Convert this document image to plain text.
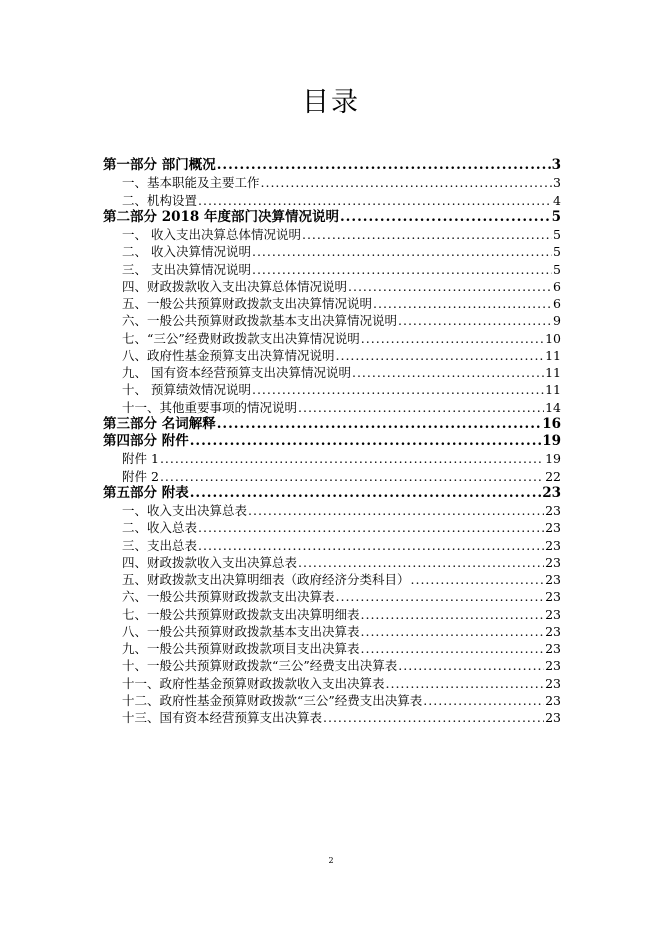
目录
第一部分 部门概况 .....	3
一、基本职能及主要工作 .....	3
二、机构设置 .....	4
第二部分 2018 年度部门决算情况说明 .....	5
一、 收入支出决算总体情况说明 .....	5
二、 收入决算情况说明 .....	5
三、 支出决算情况说明 .....	5
四、财政拨款收入支出决算总体情况说明 .....	6
五、一般公共预算财政拨款支出决算情况说明 .....	6
六、一般公共预算财政拨款基本支出决算情况说明 .....	9
七、“三公”经费财政拨款支出决算情况说明 .....	10
八、政府性基金预算支出决算情况说明 .....	11
九、 国有资本经营预算支出决算情况说明 .....	11
十、 预算绩效情况说明 .....	11
十一、其他重要事项的情况说明 .....	14
第三部分 名词解释 .....	16
第四部分 附件 .....	19
附件 1 .....	19
附件 2 .....	22
第五部分 附表 .....	23
一、收入支出决算总表 .....	23
二、收入总表 .....	23
三、支出总表 .....	23
四、财政拨款收入支出决算总表 .....	23
五、财政拨款支出决算明细表（政府经济分类科目） .....	23
六、一般公共预算财政拨款支出决算表 .....	23
七、一般公共预算财政拨款支出决算明细表 .....	23
八、一般公共预算财政拨款基本支出决算表 .....	23
九、一般公共预算财政拨款项目支出决算表 .....	23
十、一般公共预算财政拨款“三公”经费支出决算表 .....	23
十一、政府性基金预算财政拨款收入支出决算表 .....	23
十二、政府性基金预算财政拨款“三公”经费支出决算表 .....	23
十三、国有资本经营预算支出决算表 .....	23
2
